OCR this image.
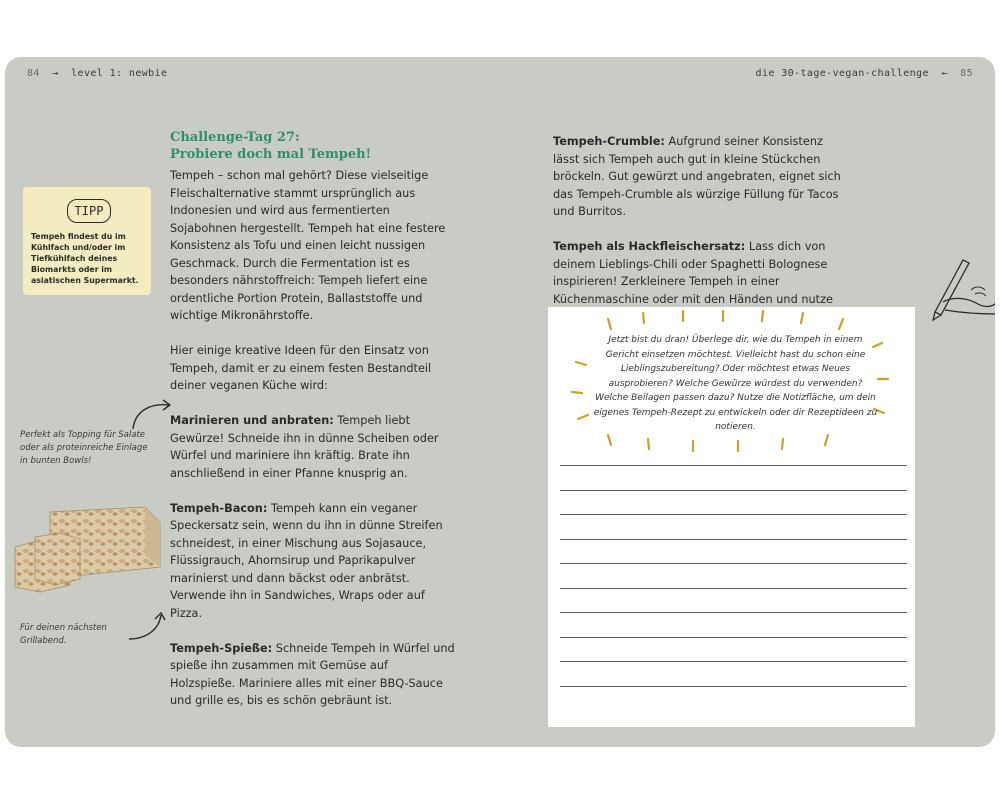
84 → level 1: newbie	die 30-tage-vegan-challenge ← 85
Challenge-Tag 27:
Probiere doch mal Tempeh!

Tempeh – schon mal gehört? Diese vielseitige Fleischalternative stammt ursprünglich aus Indonesien und wird aus fermentierten Sojabohnen hergestellt. Tempeh hat eine festere Konsistenz als Tofu und einen leicht nussigen Geschmack. Durch die Fermentation ist es besonders nährstoffreich: Tempeh liefert eine ordentliche Portion Protein, Ballaststoffe und wichtige Mikronährstoffe.

Hier einige kreative Ideen für den Einsatz von Tempeh, damit er zu einem festen Bestandteil deiner veganen Küche wird:

Marinieren und anbraten: Tempeh liebt Gewürze! Schneide ihn in dünne Scheiben oder Würfel und mariniere ihn kräftig. Brate ihn anschließend in einer Pfanne knusprig an.

Tempeh-Bacon: Tempeh kann ein veganer Speckersatz sein, wenn du ihn in dünne Streifen schneidest, in einer Mischung aus Sojasauce, Flüssigrauch, Ahornsirup und Paprikapulver marinierst und dann bäckst oder anbrätst. Verwende ihn in Sandwiches, Wraps oder auf Pizza.

Tempeh-Spieße: Schneide Tempeh in Würfel und spieße ihn zusammen mit Gemüse auf Holzspieße. Mariniere alles mit einer BBQ-Sauce und grille es, bis es schön gebräunt ist.

Tempeh-Crumble: Aufgrund seiner Konsistenz lässt sich Tempeh auch gut in kleine Stückchen bröckeln. Gut gewürzt und angebraten, eignet sich das Tempeh-Crumble als würzige Füllung für Tacos und Burritos.

Tempeh als Hackfleischersatz: Lass dich von deinem Lieblings-Chili oder Spaghetti Bolognese inspirieren! Zerkleinere Tempeh in einer Küchenmaschine oder mit den Händen und nutze

TIPP
Tempeh findest du im Kühlfach und/oder im Tiefkühlfach deines Biomarkts oder im asiatischen Supermarkt.
Perfekt als Topping für Salate oder als proteinreiche Einlage in bunten Bowls!
Für deinen nächsten Grillabend.
Jetzt bist du dran! Überlege dir, wie du Tempeh in einem Gericht einsetzen möchtest. Vielleicht hast du schon eine Lieblingszubereitung? Oder möchtest etwas Neues ausprobieren? Welche Gewürze würdest du verwenden? Welche Beilagen passen dazu? Nutze die Notizfläche, um dein eigenes Tempeh-Rezept zu entwickeln oder dir Rezeptideen zu notieren.
